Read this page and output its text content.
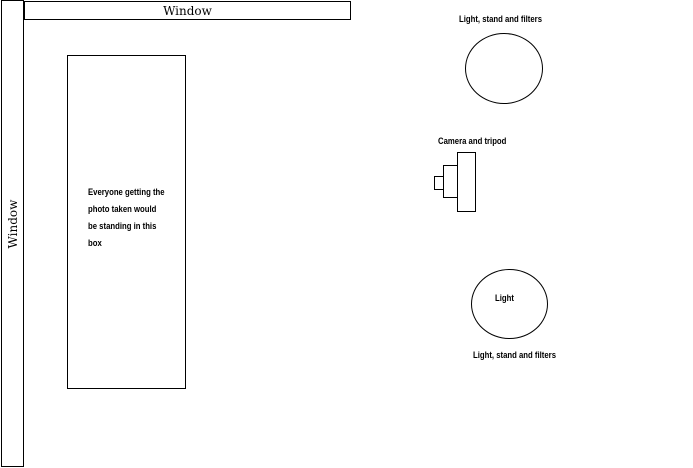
Window
Window
Everyone getting the photo taken would be standing in this box
Light, stand and filters
Camera and tripod
Light
Light, stand and filters
